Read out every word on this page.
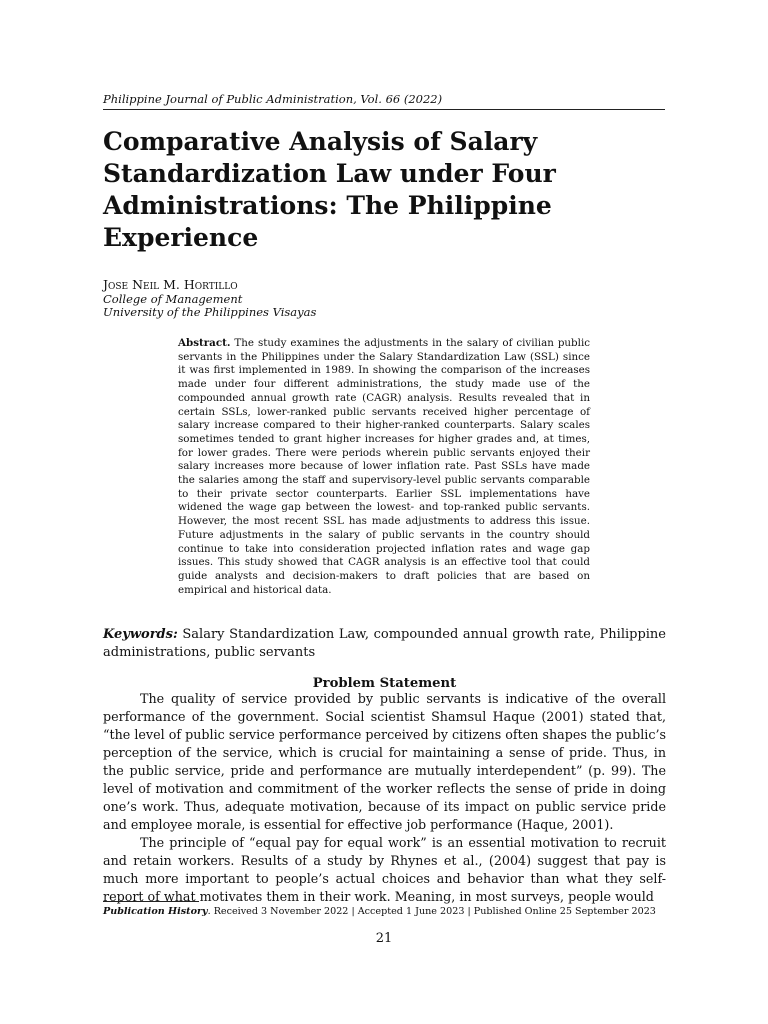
Philippine Journal of Public Administration, Vol. 66 (2022)
Comparative Analysis of Salary Standardization Law under Four Administrations: The Philippine Experience
Jose Neil M. Hortillo
College of Management
University of the Philippines Visayas

Abstract. The study examines the adjustments in the salary of civilian public servants in the Philippines under the Salary Standardization Law (SSL) since it was first implemented in 1989. In showing the comparison of the increases made under four different administrations, the study made use of the compounded annual growth rate (CAGR) analysis. Results revealed that in certain SSLs, lower-ranked public servants received higher percentage of salary increase compared to their higher-ranked counterparts. Salary scales sometimes tended to grant higher increases for higher grades and, at times, for lower grades. There were periods wherein public servants enjoyed their salary increases more because of lower inflation rate. Past SSLs have made the salaries among the staff and supervisory-level public servants comparable to their private sector counterparts. Earlier SSL implementations have widened the wage gap between the lowest- and top-ranked public servants. However, the most recent SSL has made adjustments to address this issue. Future adjustments in the salary of public servants in the country should continue to take into consideration projected inflation rates and wage gap issues. This study showed that CAGR analysis is an effective tool that could guide analysts and decision-makers to draft policies that are based on empirical and historical data.

Keywords: Salary Standardization Law, compounded annual growth rate, Philippine administrations, public servants

Problem Statement

The quality of service provided by public servants is indicative of the overall performance of the government. Social scientist Shamsul Haque (2001) stated that, “the level of public service performance perceived by citizens often shapes the public’s perception of the service, which is crucial for maintaining a sense of pride. Thus, in the public service, pride and performance are mutually interdependent” (p. 99). The level of motivation and commitment of the worker reflects the sense of pride in doing one’s work. Thus, adequate motivation, because of its impact on public service pride and employee morale, is essential for effective job performance (Haque, 2001).

The principle of “equal pay for equal work” is an essential motivation to recruit and retain workers. Results of a study by Rhynes et al., (2004) suggest that pay is much more important to people’s actual choices and behavior than what they self-report of what motivates them in their work. Meaning, in most surveys, people would

Publication History. Received 3 November 2022 | Accepted 1 June 2023 | Published Online 25 September 2023
21
